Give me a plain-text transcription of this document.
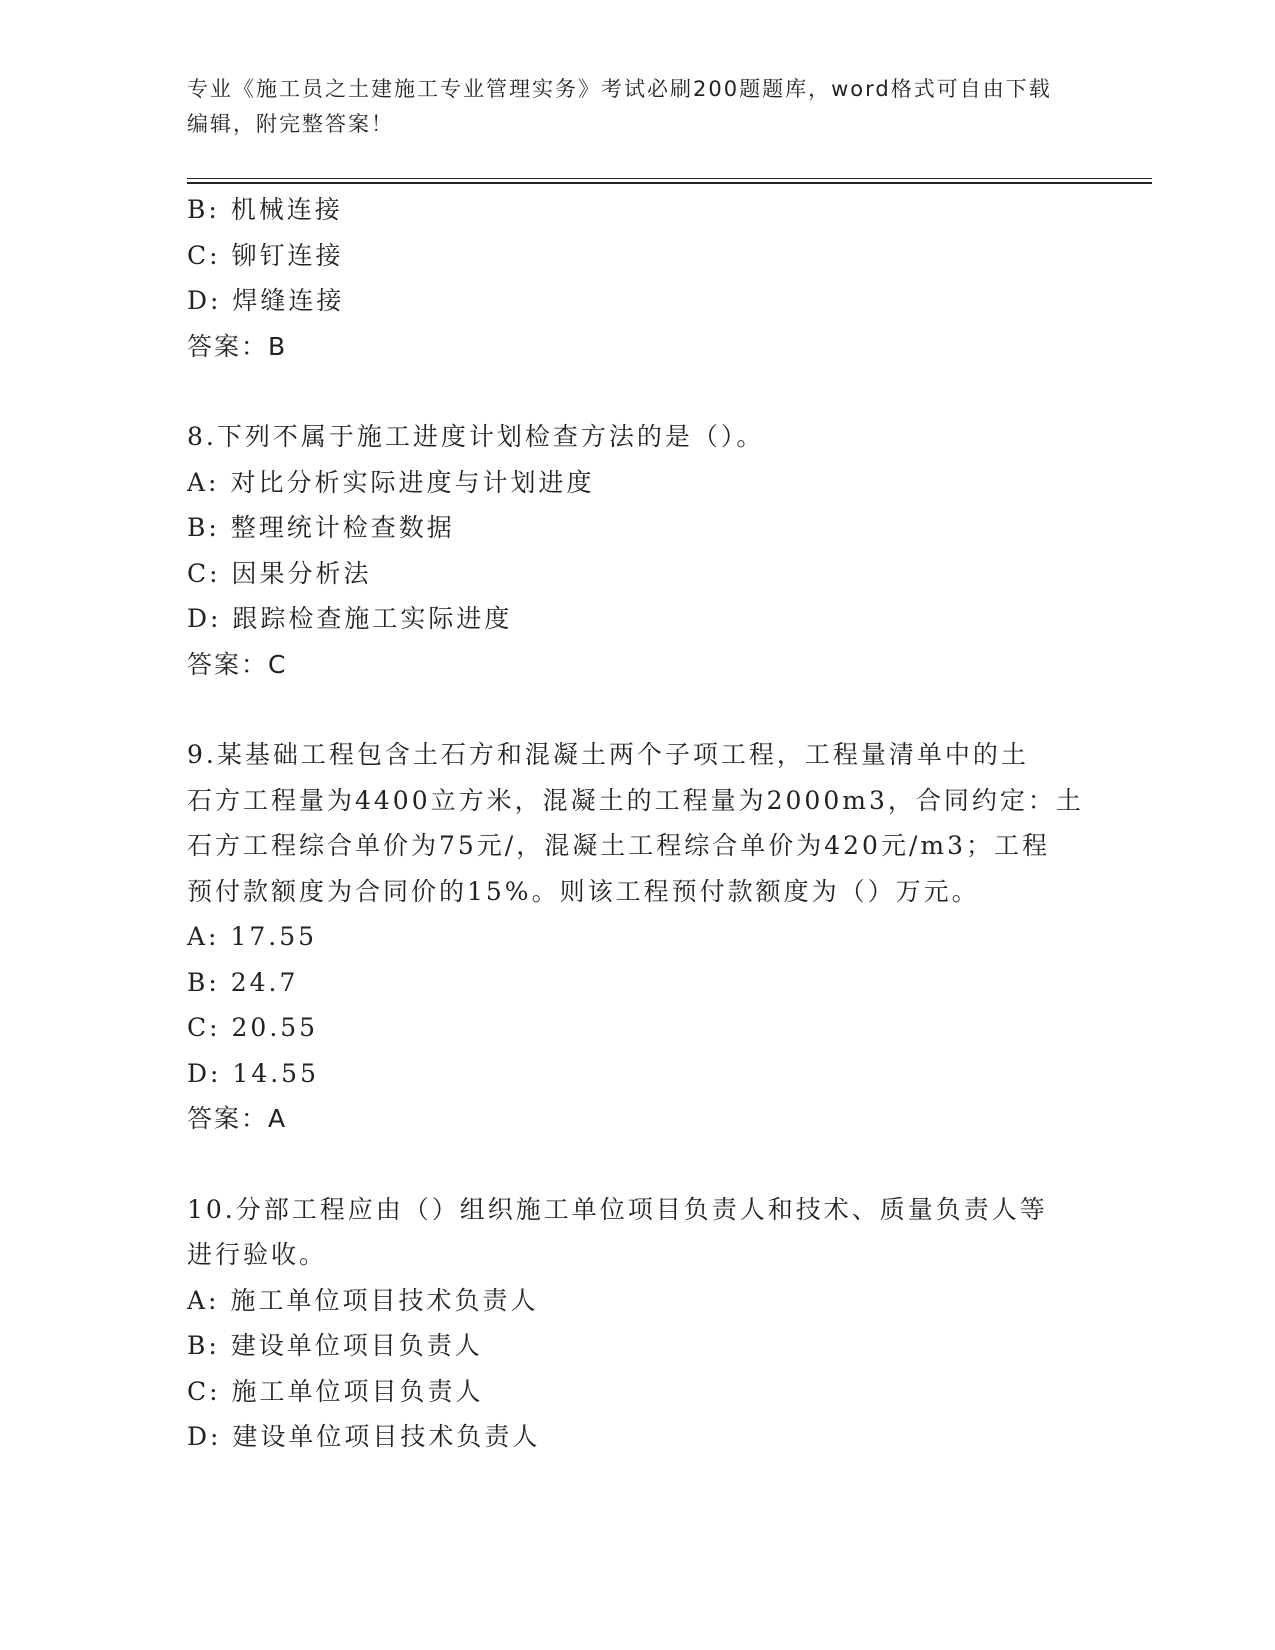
专业《施工员之土建施工专业管理实务》考试必刷200题题库，word格式可自由下载编辑，附完整答案！
B: 机械连接
C: 铆钉连接
D: 焊缝连接
答案：B
8.下列不属于施工进度计划检查方法的是（）。
A: 对比分析实际进度与计划进度
B: 整理统计检查数据
C: 因果分析法
D: 跟踪检查施工实际进度
答案：C
9.某基础工程包含土石方和混凝土两个子项工程，工程量清单中的土
石方工程量为4400立方米，混凝土的工程量为2000m3，合同约定：土
石方工程综合单价为75元/，混凝土工程综合单价为420元/m3；工程
预付款额度为合同价的15%。则该工程预付款额度为（）万元。
A: 17.55
B: 24.7
C: 20.55
D: 14.55
答案：A
10.分部工程应由（）组织施工单位项目负责人和技术、质量负责人等
进行验收。
A: 施工单位项目技术负责人
B: 建设单位项目负责人
C: 施工单位项目负责人
D: 建设单位项目技术负责人
